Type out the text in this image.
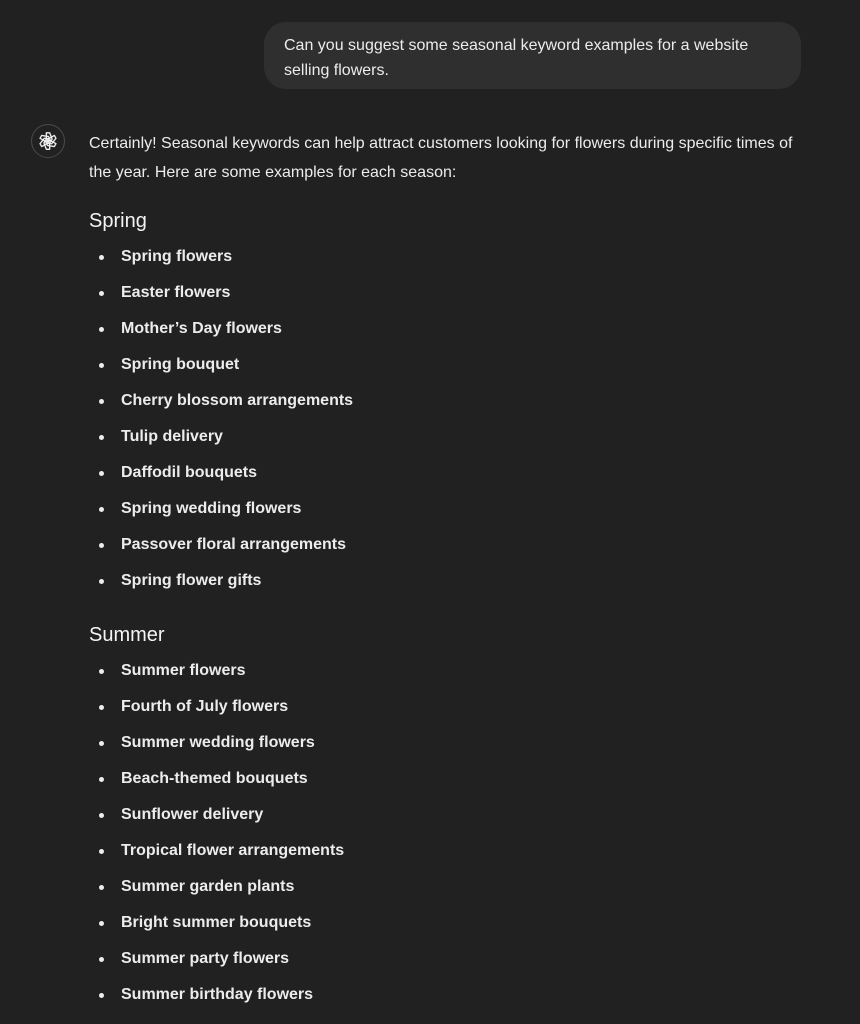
Can you suggest some seasonal keyword examples for a website selling flowers.

Certainly! Seasonal keywords can help attract customers looking for flowers during specific times of the year. Here are some examples for each season:

Spring
Spring flowers
Easter flowers
Mother’s Day flowers
Spring bouquet
Cherry blossom arrangements
Tulip delivery
Daffodil bouquets
Spring wedding flowers
Passover floral arrangements
Spring flower gifts
Summer
Summer flowers
Fourth of July flowers
Summer wedding flowers
Beach-themed bouquets
Sunflower delivery
Tropical flower arrangements
Summer garden plants
Bright summer bouquets
Summer party flowers
Summer birthday flowers
